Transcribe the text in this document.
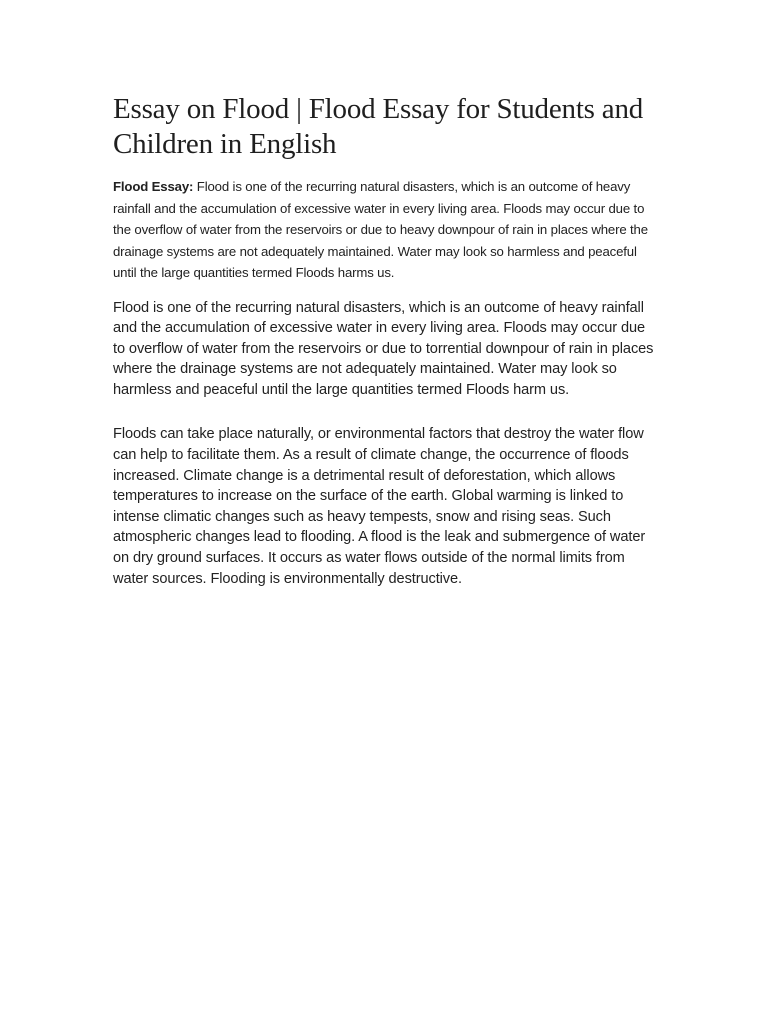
Essay on Flood | Flood Essay for Students and Children in English

Flood Essay: Flood is one of the recurring natural disasters, which is an outcome of heavy rainfall and the accumulation of excessive water in every living area. Floods may occur due to the overflow of water from the reservoirs or due to heavy downpour of rain in places where the drainage systems are not adequately maintained. Water may look so harmless and peaceful until the large quantities termed Floods harms us.

Flood is one of the recurring natural disasters, which is an outcome of heavy rainfall and the accumulation of excessive water in every living area. Floods may occur due to overflow of water from the reservoirs or due to torrential downpour of rain in places where the drainage systems are not adequately maintained. Water may look so harmless and peaceful until the large quantities termed Floods harm us.

Floods can take place naturally, or environmental factors that destroy the water flow can help to facilitate them. As a result of climate change, the occurrence of floods increased. Climate change is a detrimental result of deforestation, which allows temperatures to increase on the surface of the earth. Global warming is linked to intense climatic changes such as heavy tempests, snow and rising seas. Such atmospheric changes lead to flooding. A flood is the leak and submergence of water on dry ground surfaces. It occurs as water flows outside of the normal limits from water sources. Flooding is environmentally destructive.
